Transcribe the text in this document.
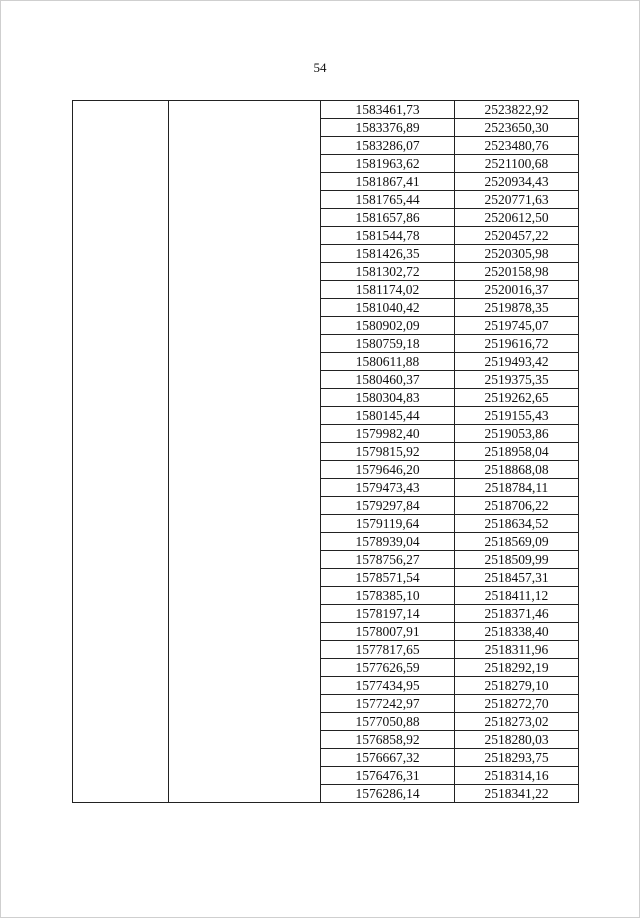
54
		1583461,73	2523822,92
		1583376,89	2523650,30
		1583286,07	2523480,76
		1581963,62	2521100,68
		1581867,41	2520934,43
		1581765,44	2520771,63
		1581657,86	2520612,50
		1581544,78	2520457,22
		1581426,35	2520305,98
		1581302,72	2520158,98
		1581174,02	2520016,37
		1581040,42	2519878,35
		1580902,09	2519745,07
		1580759,18	2519616,72
		1580611,88	2519493,42
		1580460,37	2519375,35
		1580304,83	2519262,65
		1580145,44	2519155,43
		1579982,40	2519053,86
		1579815,92	2518958,04
		1579646,20	2518868,08
		1579473,43	2518784,11
		1579297,84	2518706,22
		1579119,64	2518634,52
		1578939,04	2518569,09
		1578756,27	2518509,99
		1578571,54	2518457,31
		1578385,10	2518411,12
		1578197,14	2518371,46
		1578007,91	2518338,40
		1577817,65	2518311,96
		1577626,59	2518292,19
		1577434,95	2518279,10
		1577242,97	2518272,70
		1577050,88	2518273,02
		1576858,92	2518280,03
		1576667,32	2518293,75
		1576476,31	2518314,16
		1576286,14	2518341,22
